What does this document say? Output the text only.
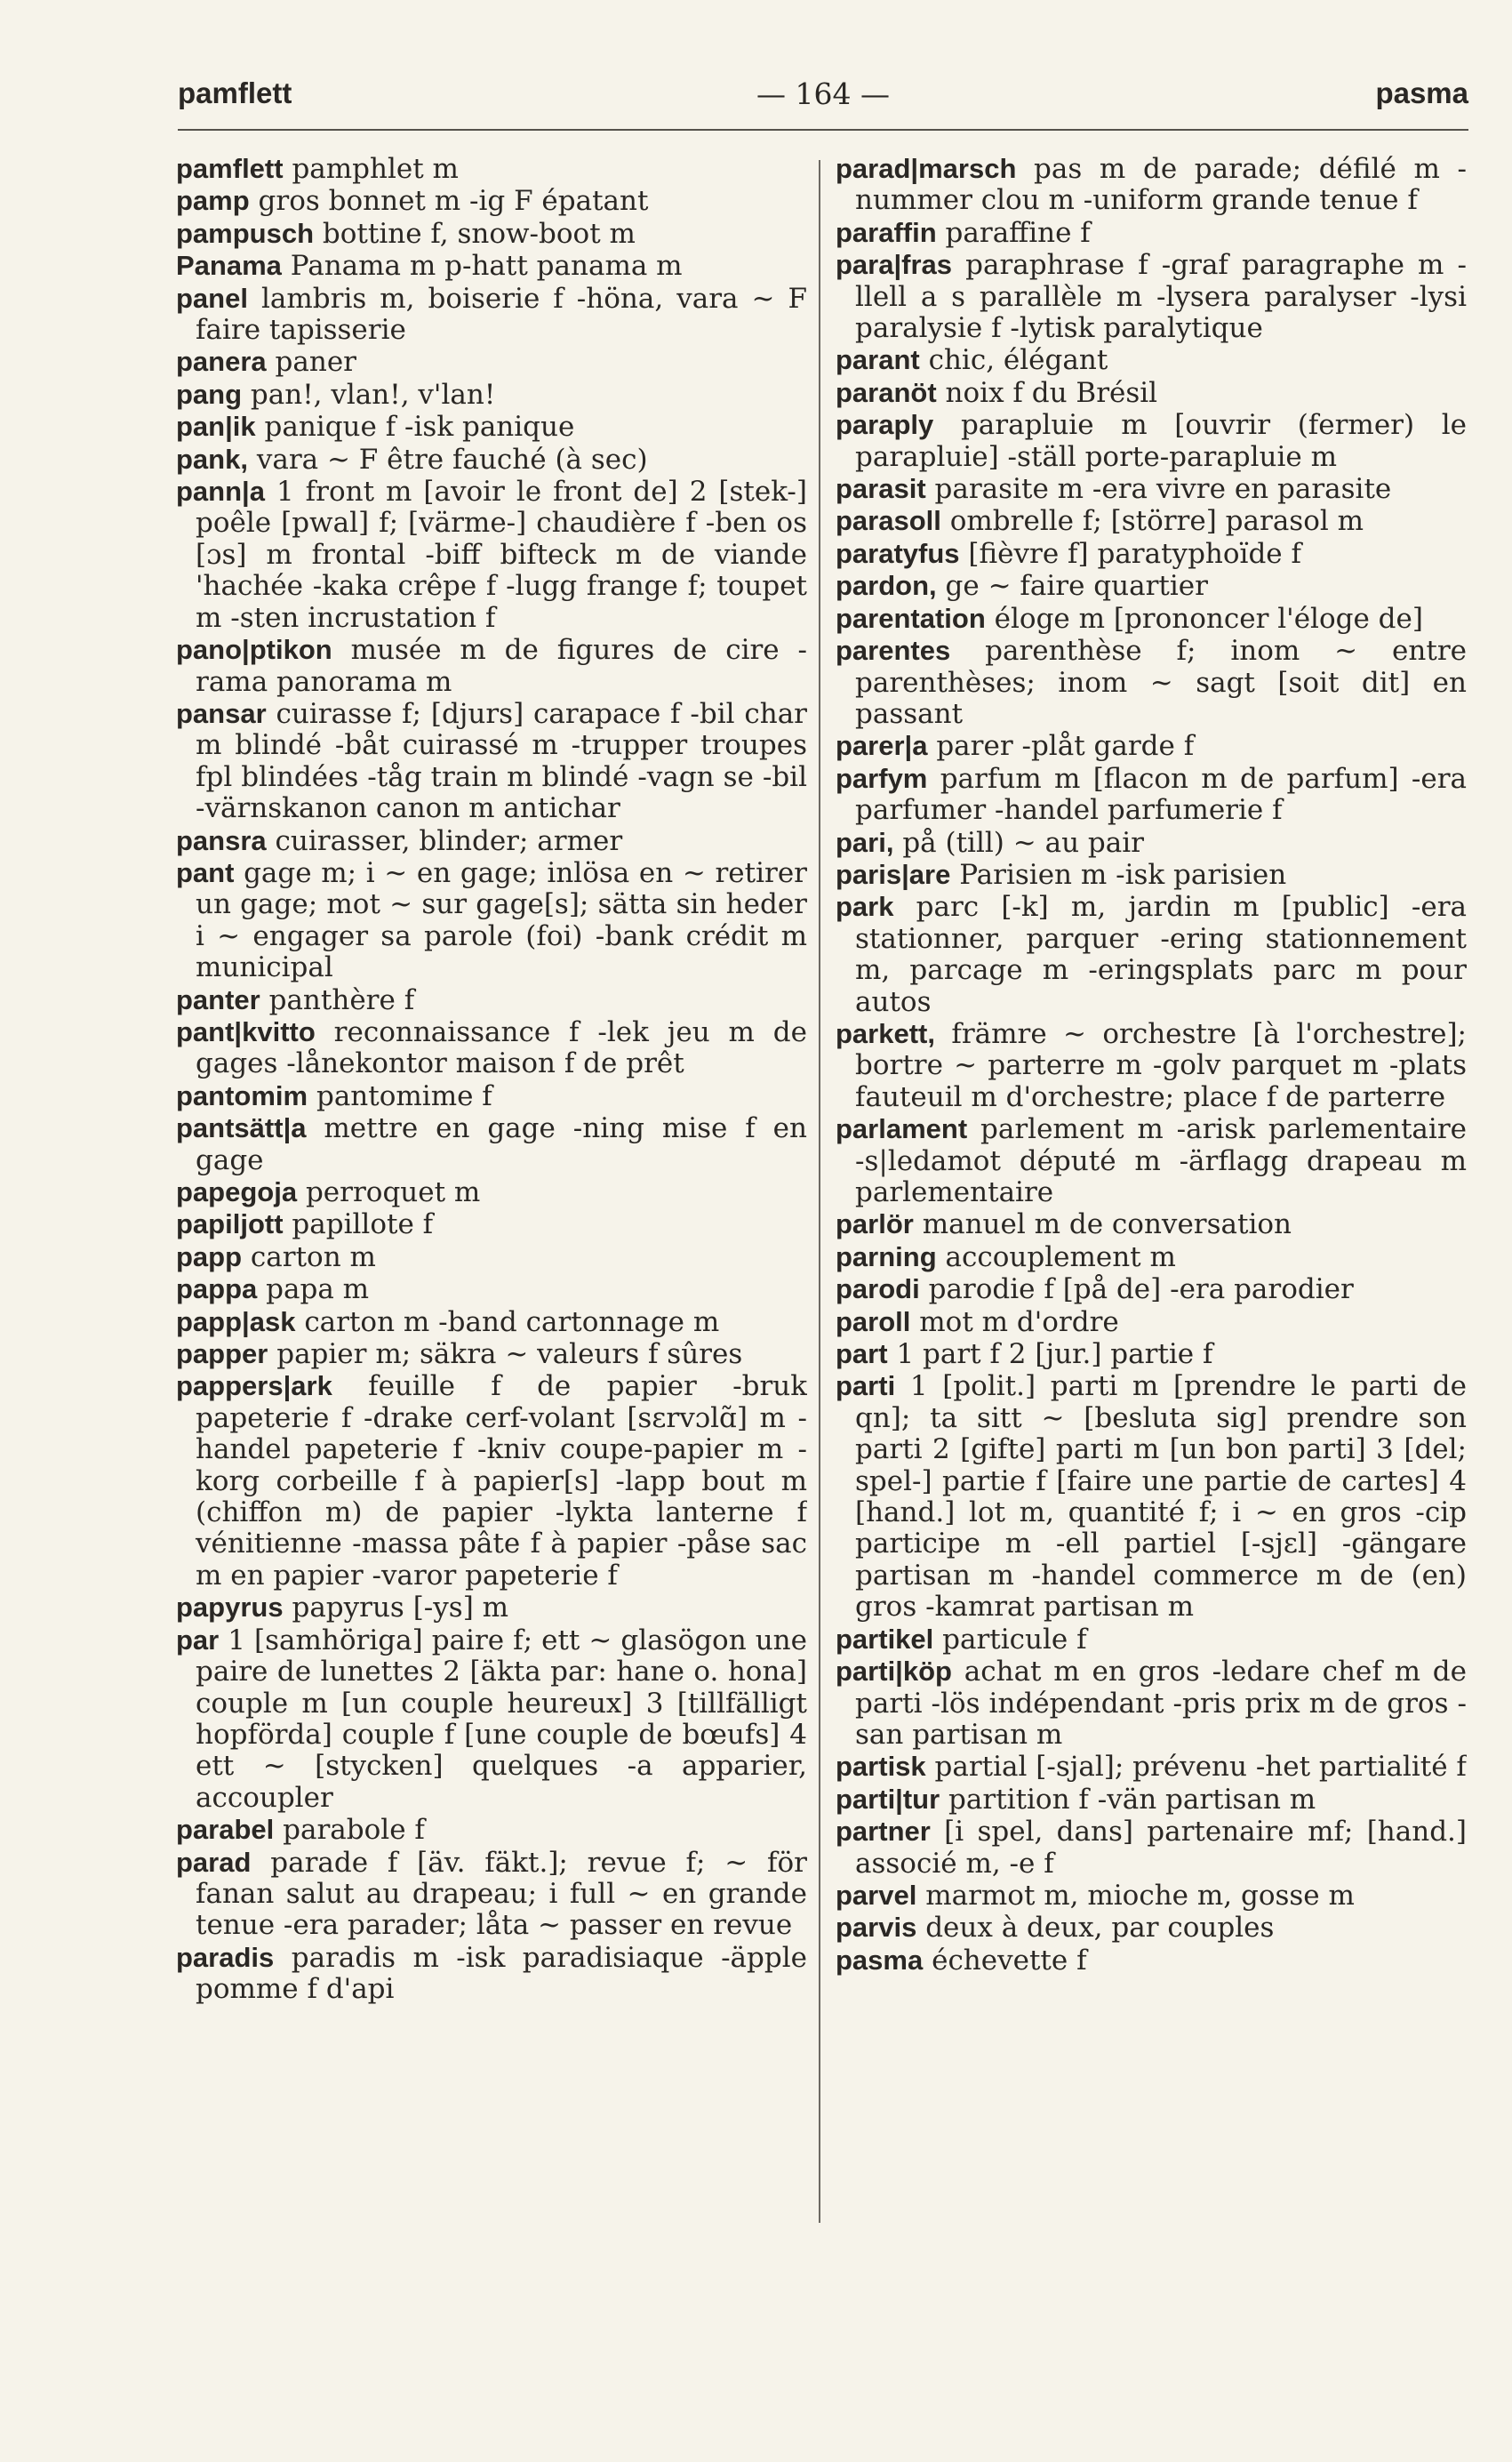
pamflett	— 164 —	pasma

pamflett pamphlet m

pamp gros bonnet m -ig F épatant

pampusch bottine f, snow-boot m

Panama Panama m p-hatt panama m

panel lambris m, boiserie f -höna, vara ~ F faire tapisserie

panera paner

pang pan!, vlan!, v'lan!

pan|ik panique f -isk panique

pank, vara ~ F être fauché (à sec)

pann|a 1 front m [avoir le front de] 2 [stek-] poêle [pwal] f; [värme-] chaudière f -ben os [ɔs] m frontal -biff bifteck m de viande 'hachée -kaka crêpe f -lugg frange f; toupet m -sten incrustation f

pano|ptikon musée m de figures de cire -rama panorama m

pansar cuirasse f; [djurs] carapace f -bil char m blindé -båt cuirassé m -trupper troupes fpl blindées -tåg train m blindé -vagn se -bil -värnskanon canon m antichar

pansra cuirasser, blinder; armer

pant gage m; i ~ en gage; inlösa en ~ retirer un gage; mot ~ sur gage[s]; sätta sin heder i ~ engager sa parole (foi) -bank crédit m municipal

panter panthère f

pant|kvitto reconnaissance f -lek jeu m de gages -lånekontor maison f de prêt

pantomim pantomime f

pantsätt|a mettre en gage -ning mise f en gage

papegoja perroquet m

papiljott papillote f

papp carton m

pappa papa m

papp|ask carton m -band cartonnage m

papper papier m; säkra ~ valeurs f sûres

pappers|ark feuille f de papier -bruk papeterie f -drake cerf-volant [sɛrvɔlɑ̃] m -handel papeterie f -kniv coupe-papier m -korg corbeille f à papier[s] -lapp bout m (chiffon m) de papier -lykta lanterne f vénitienne -massa pâte f à papier -påse sac m en papier -varor papeterie f

papyrus papyrus [-ys] m

par 1 [samhöriga] paire f; ett ~ glasögon une paire de lunettes 2 [äkta par: hane o. hona] couple m [un couple heureux] 3 [tillfälligt hopförda] couple f [une couple de bœufs] 4 ett ~ [stycken] quelques -a apparier, accoupler

parabel parabole f

parad parade f [äv. fäkt.]; revue f; ~ för fanan salut au drapeau; i full ~ en grande tenue -era parader; låta ~ passer en revue

paradis paradis m -isk paradisiaque -äpple pomme f d'api

parad|marsch pas m de parade; défilé m -nummer clou m -uniform grande tenue f

paraffin paraffine f

para|fras paraphrase f -graf paragraphe m -llell a s parallèle m -lysera paralyser -lysi paralysie f -lytisk paralytique

parant chic, élégant

paranöt noix f du Brésil

paraply parapluie m [ouvrir (fermer) le parapluie] -ställ porte-parapluie m

parasit parasite m -era vivre en parasite

parasoll ombrelle f; [större] parasol m

paratyfus [fièvre f] paratyphoïde f

pardon, ge ~ faire quartier

parentation éloge m [prononcer l'éloge de]

parentes parenthèse f; inom ~ entre parenthèses; inom ~ sagt [soit dit] en passant

parer|a parer -plåt garde f

parfym parfum m [flacon m de parfum] -era parfumer -handel parfumerie f

pari, på (till) ~ au pair

paris|are Parisien m -isk parisien

park parc [-k] m, jardin m [public] -era stationner, parquer -ering stationnement m, parcage m -eringsplats parc m pour autos

parkett, främre ~ orchestre [à l'orchestre]; bortre ~ parterre m -golv parquet m -plats fauteuil m d'orchestre; place f de parterre

parlament parlement m -arisk parlementaire -s|ledamot député m -ärflagg drapeau m parlementaire

parlör manuel m de conversation

parning accouplement m

parodi parodie f [på de] -era parodier

paroll mot m d'ordre

part 1 part f 2 [jur.] partie f

parti 1 [polit.] parti m [prendre le parti de qn]; ta sitt ~ [besluta sig] prendre son parti 2 [gifte] parti m [un bon parti] 3 [del; spel-] partie f [faire une partie de cartes] 4 [hand.] lot m, quantité f; i ~ en gros -cip participe m -ell partiel [-sjɛl] -gängare partisan m -handel commerce m de (en) gros -kamrat partisan m

partikel particule f

parti|köp achat m en gros -ledare chef m de parti -lös indépendant -pris prix m de gros -san partisan m

partisk partial [-sjal]; prévenu -het partialité f

parti|tur partition f -vän partisan m

partner [i spel, dans] partenaire mf; [hand.] associé m, -e f

parvel marmot m, mioche m, gosse m

parvis deux à deux, par couples

pasma échevette f
